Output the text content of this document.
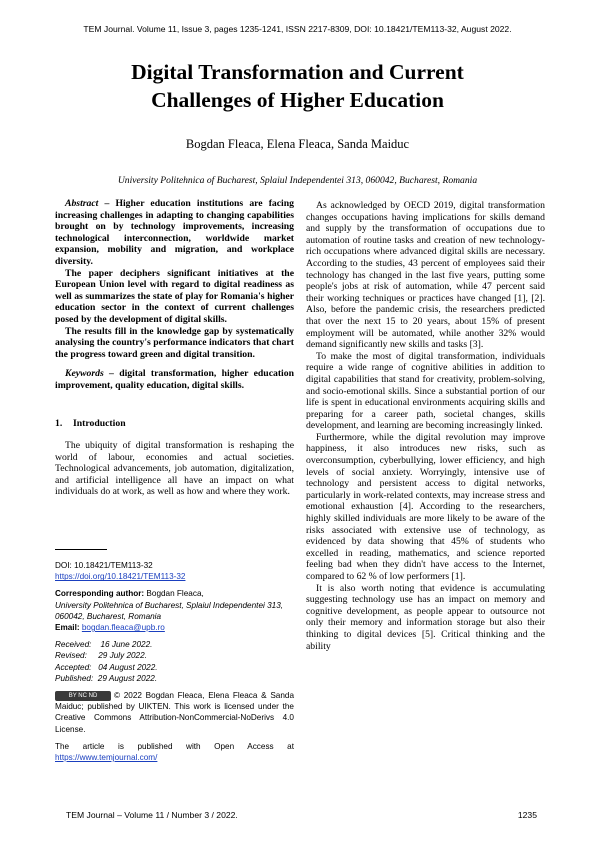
TEM Journal. Volume 11, Issue 3, pages 1235-1241, ISSN 2217-8309, DOI: 10.18421/TEM113-32, August 2022.
Digital Transformation and Current
Challenges of Higher Education
Bogdan Fleaca, Elena Fleaca, Sanda Maiduc
University Politehnica of Bucharest, Splaiul Independentei 313, 060042, Bucharest, Romania

Abstract – Higher education institutions are facing increasing challenges in adapting to changing capabilities brought on by technology improvements, increasing technological interconnection, worldwide market expansion, mobility and migration, and workplace diversity.

The paper deciphers significant initiatives at the European Union level with regard to digital readiness as well as summarizes the state of play for Romania's higher education sector in the context of current challenges posed by the development of digital skills.

The results fill in the knowledge gap by systematically analysing the country's performance indicators that chart the progress toward green and digital transition.

Keywords – digital transformation, higher education improvement, quality education, digital skills.

1. Introduction

The ubiquity of digital transformation is reshaping the world of labour, economies and actual societies. Technological advancements, job automation, digitalization, and artificial intelligence all have an impact on what individuals do at work, as well as how and where they work.

DOI: 10.18421/TEM113-32
https://doi.org/10.18421/TEM113-32
Corresponding author: Bogdan Fleaca,
University Politehnica of Bucharest, Splaiul Independentei 313, 060042, Bucharest, Romania
Email: bogdan.fleaca@upb.ro
Received:    16 June 2022.
Revised:     29 July 2022.
Accepted:   04 August 2022.
Published:  29 August 2022.
BY NC ND © 2022 Bogdan Fleaca, Elena Fleaca & Sanda Maiduc; published by UIKTEN. This work is licensed under the Creative Commons Attribution-NonCommercial-NoDerivs 4.0 License.
The article is published with Open Access at https://www.temjournal.com/

As acknowledged by OECD 2019, digital transformation changes occupations having implications for skills demand and supply by the transformation of occupations due to automation of routine tasks and creation of new technology-rich occupations where advanced digital skills are necessary. According to the studies, 43 percent of employees said their technology has changed in the last five years, putting some people's jobs at risk of automation, while 47 percent said their working techniques or practices have changed [1], [2]. Also, before the pandemic crisis, the researchers predicted that over the next 15 to 20 years, about 15% of present employment will be automated, while another 32% would demand significantly new skills and tasks [3].

To make the most of digital transformation, individuals require a wide range of cognitive abilities in addition to digital capabilities that stand for creativity, problem-solving, and socio-emotional skills. Since a substantial portion of our life is spent in educational environments acquiring skills and preparing for a career path, societal changes, skills development, and learning are becoming increasingly linked.

Furthermore, while the digital revolution may improve happiness, it also introduces new risks, such as overconsumption, cyberbullying, lower efficiency, and high levels of social anxiety. Worryingly, intensive use of technology and persistent access to digital networks, particularly in work-related contexts, may increase stress and emotional exhaustion [4]. According to the researchers, highly skilled individuals are more likely to be aware of the risks associated with extensive use of technology, as evidenced by data showing that 45% of students who excelled in reading, mathematics, and science reported feeling bad when they didn't have access to the Internet, compared to 62 % of low performers [1].

It is also worth noting that evidence is accumulating suggesting technology use has an impact on memory and cognitive development, as people appear to outsource not only their memory and information storage but also their thinking to digital devices [5]. Critical thinking and the ability

TEM Journal – Volume 11 / Number 3 / 2022.	1235
